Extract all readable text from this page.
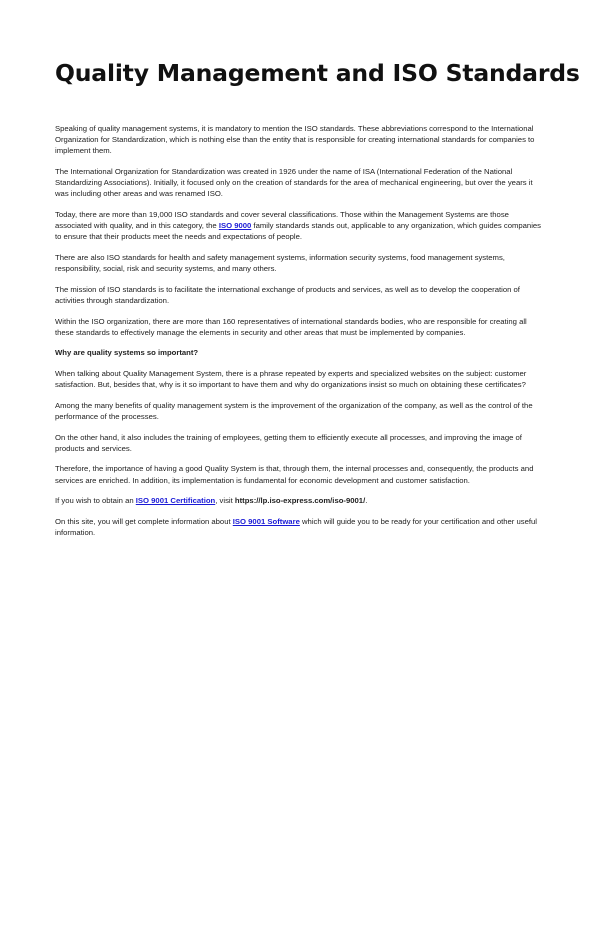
Quality Management and ISO Standards

Speaking of quality management systems, it is mandatory to mention the ISO standards. These abbreviations correspond to the International Organization for Standardization, which is nothing else than the entity that is responsible for creating international standards for companies to implement them.

The International Organization for Standardization was created in 1926 under the name of ISA (International Federation of the National Standardizing Associations). Initially, it focused only on the creation of standards for the area of mechanical engineering, but over the years it was including other areas and was renamed ISO.

Today, there are more than 19,000 ISO standards and cover several classifications. Those within the Management Systems are those associated with quality, and in this category, the ISO 9000 family standards stands out, applicable to any organization, which guides companies to ensure that their products meet the needs and expectations of people.

There are also ISO standards for health and safety management systems, information security systems, food management systems, responsibility, social, risk and security systems, and many others.

The mission of ISO standards is to facilitate the international exchange of products and services, as well as to develop the cooperation of activities through standardization.

Within the ISO organization, there are more than 160 representatives of international standards bodies, who are responsible for creating all these standards to effectively manage the elements in security and other areas that must be implemented by companies.

Why are quality systems so important?

When talking about Quality Management System, there is a phrase repeated by experts and specialized websites on the subject: customer satisfaction. But, besides that, why is it so important to have them and why do organizations insist so much on obtaining these certificates?

Among the many benefits of quality management system is the improvement of the organization of the company, as well as the control of the performance of the processes.

On the other hand, it also includes the training of employees, getting them to efficiently execute all processes, and improving the image of products and services.

Therefore, the importance of having a good Quality System is that, through them, the internal processes and, consequently, the products and services are enriched. In addition, its implementation is fundamental for economic development and customer satisfaction.

If you wish to obtain an ISO 9001 Certification, visit https://lp.iso-express.com/iso-9001/.

On this site, you will get complete information about ISO 9001 Software which will guide you to be ready for your certification and other useful information.
